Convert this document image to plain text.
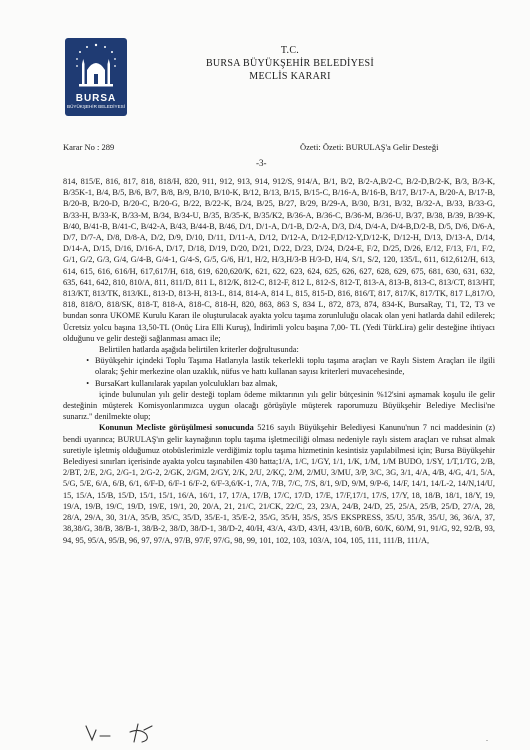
BURSA
BÜYÜKŞEHİR BELEDİYESİ
T.C.
BURSA BÜYÜKŞEHİR BELEDİYESİ
MECLİS KARARI
Karar No : 289	Özeti: Özeti: BURULAŞ'a Gelir Desteği
-3-

814, 815/E, 816, 817, 818, 818/H, 820, 911, 912, 913, 914, 912/S, 914/A, B/1, B/2, B/2-A,B/2-C, B/2-D,B/2-K, B/3, B/3-K, B/35K-1, B/4, B/5, B/6, B/7, B/8, B/9, B/10, B/10-K, B/12, B/13, B/15, B/15-C, B/16-A, B/16-B, B/17, B/17-A, B/20-A, B/17-B, B/20-B, B/20-D, B/20-C, B/20-G, B/22, B/22-K, B/24, B/25, B/27, B/29, B/29-A, B/30, B/31, B/32, B/32-A, B/33, B/33-G, B/33-H, B/33-K, B/33-M, B/34, B/34-U, B/35, B/35-K, B/35/K2, B/36-A, B/36-C, B/36-M, B/36-U, B/37, B/38, B/39, B/39-K, B/40, B/41-B, B/41-C, B/42-A, B/43, B/44-B, B/46, D/1, D/1-A, D/1-B, D/2-A, D/3, D/4, D/4-A, D/4-B,D/2-B, D/5, D/6, D/6-A, D/7, D/7-A, D/8, D/8-A, D/2, D/9, D/10, D/11, D/11-A, D/12, D/12-A, D/12-F,D/12-Y,D/12-K, D/12-H, D/13, D/13-A, D/14, D/14-A, D/15, D/16, D/16-A, D/17, D/18, D/19, D/20, D/21, D/22, D/23, D/24, D/24-E, F/2, D/25, D/26, E/12, F/13, F/1, F/2, G/1, G/2, G/3, G/4, G/4-B, G/4-1, G/4-S, G/5, G/6, H/1, H/2, H/3,H/3-B H/3-D, H/4, S/1, S/2, 120, 135/L, 611, 612,612/H, 613, 614, 615, 616, 616/H, 617,617/H, 618, 619, 620,620/K, 621, 622, 623, 624, 625, 626, 627, 628, 629, 675, 681, 630, 631, 632, 635, 641, 642, 810, 810/A, 811, 811/D, 811 L, 812/K, 812-C, 812-F, 812 L, 812-S, 812-T, 813-A, 813-B, 813-C, 813/CT, 813/HT, 813/KT, 813/TK, 813/KL, 813-D, 813-H, 813-L, 814, 814-A, 814 L, 815, 815-D, 816, 816/T, 817, 817/K, 817/TK, 817 L,817/O, 818, 818/O, 818/SK, 818-T, 818-A, 818-C, 818-H, 820, 863, 863 S, 834 L, 872, 873, 874, 834-K, BursaRay, T1, T2, T3 ve bundan sonra UKOME Kurulu Kararı ile oluşturulacak ayakta yolcu taşıma zorunluluğu olacak olan yeni hatlarda dahil edilerek; Ücretsiz yolcu başına 13,50-TL (Onüç Lira Elli Kuruş), İndirimli yolcu başına 7,00- TL (Yedi TürkLira) gelir desteğine ihtiyacı olduğunu ve gelir desteği sağlanması amacı ile;

Belirtilen hatlarda aşağıda belirtilen kriterler doğrultusunda:

• Büyükşehir içindeki Toplu Taşıma Hatlarıyla lastik tekerlekli toplu taşıma araçları ve Raylı Sistem Araçları ile ilgili olarak; Şehir merkezine olan uzaklık, nüfus ve hattı kullanan sayısı kriterleri muvacehesinde,
• BursaKart kullanılarak yapılan yolculukları baz almak,

içinde bulunulan yılı gelir desteği toplam ödeme miktarının yılı gelir bütçesinin %12'sini aşmamak koşulu ile gelir desteğinin müşterek Komisyonlarımızca uygun olacağı görüşüyle müşterek raporumuzu Büyükşehir Belediye Meclisi'ne sunarız." denilmekte olup;

Konunun Mecliste görüşülmesi sonucunda 5216 sayılı Büyükşehir Belediyesi Kanunu'nun 7 nci maddesinin (z) bendi uyarınca; BURULAŞ'ın gelir kaynağının toplu taşıma işletmeciliği olması nedeniyle raylı sistem araçları ve ruhsat almak suretiyle işletmiş olduğumuz otobüslerimizle verdiğimiz toplu taşıma hizmetinin kesintisiz yapılabilmesi için; Bursa Büyükşehir Belediyesi sınırları içerisinde ayakta yolcu taşınabilen 430 hatta;1/A, 1/C, 1/GY, 1/1, 1/K, 1/M, 1/M BUDO, 1/SY, 1/T,1/TG, 2/B, 2/BT, 2/E, 2/G, 2/G-1, 2/G-2, 2/GK, 2/GM, 2/GY, 2/K, 2/U, 2/KÇ, 2/M, 2/MU, 3/MU, 3/P, 3/C, 3G, 3/1, 4/A, 4/B, 4/G, 4/1, 5/A, 5/G, 5/E, 6/A, 6/B, 6/1, 6/F-D, 6/F-1 6/F-2, 6/F-3,6/K-1, 7/A, 7/B, 7/C, 7/S, 8/1, 9/D, 9/M, 9/P-6, 14/F, 14/1, 14/L-2, 14/N,14/U, 15, 15/A, 15/B, 15/D, 15/1, 15/1, 16/A, 16/1, 17, 17/A, 17/B, 17/C, 17/D, 17/E, 17/F,17/1, 17/S, 17/Y, 18, 18/B, 18/1, 18/Y, 19, 19/A, 19/B, 19/C, 19/D, 19/E, 19/1, 20, 20/A, 21, 21/C, 21/CK, 22/C, 23, 23/A, 24/B, 24/D, 25, 25/A, 25/B, 25/D, 27/A, 28, 28/A, 29/A, 30, 31/A, 35/B, 35/C, 35/D, 35/E-1, 35/E-2, 35/G, 35/H, 35/S, 35/S EKSPRESS, 35/U, 35/R, 35/U, 36, 36/A, 37, 38,38/G, 38/B, 38/B-1, 38/B-2, 38/D, 38/D-1, 38/D-2, 40/H, 43/A, 43/D, 43/H, 43/1B, 60/B, 60/K, 60/M, 91, 91/G, 92, 92/B, 93, 94, 95, 95/A, 95/B, 96, 97, 97/A, 97/B, 97/F, 97/G, 98, 99, 101, 102, 103, 103/A, 104, 105, 111, 111/B, 111/A,

.
